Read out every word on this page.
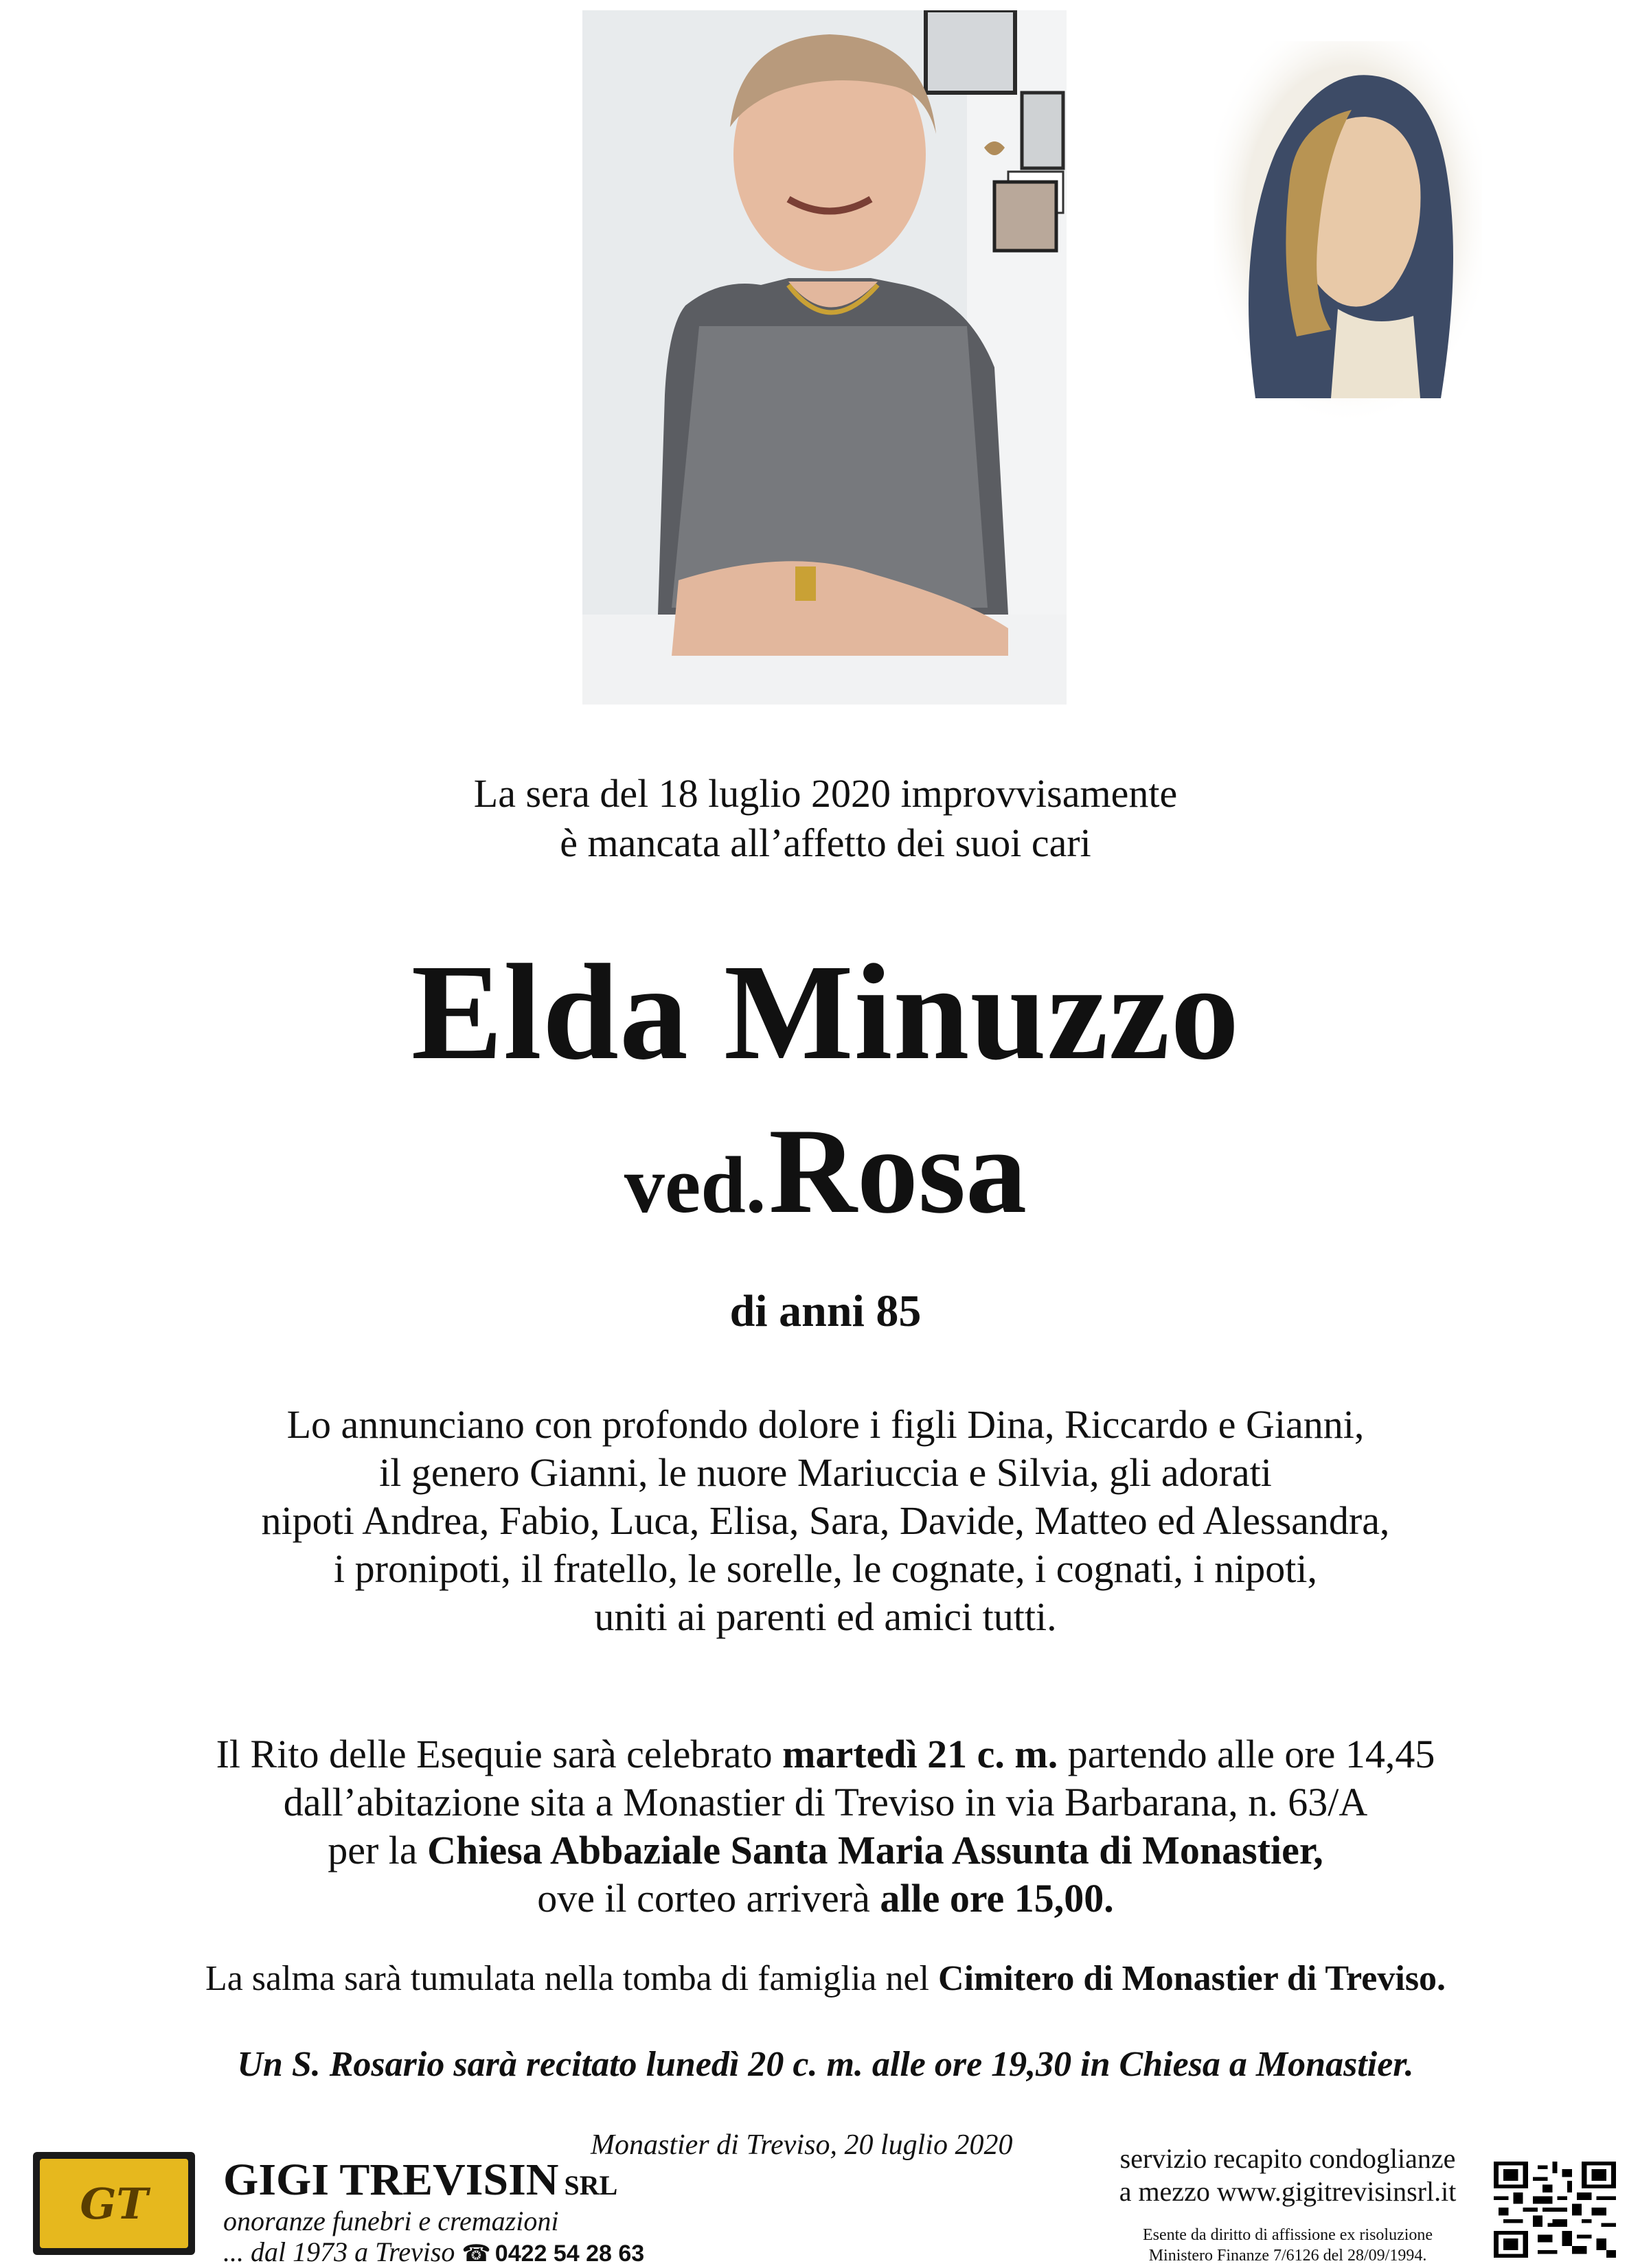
La sera del 18 luglio 2020 improvvisamente
è mancata all’affetto dei suoi cari
Elda Minuzzo
ved. Rosa
di anni 85
Lo annunciano con profondo dolore i figli Dina, Riccardo e Gianni,
il genero Gianni, le nuore Mariuccia e Silvia, gli adorati
nipoti Andrea, Fabio, Luca, Elisa, Sara, Davide, Matteo ed Alessandra,
i pronipoti, il fratello, le sorelle, le cognate, i cognati, i nipoti,
uniti ai parenti ed amici tutti.
Il Rito delle Esequie sarà celebrato martedì 21 c. m. partendo alle ore 14,45
dall’abitazione sita a Monastier di Treviso in via Barbarana, n. 63/A
per la Chiesa Abbaziale Santa Maria Assunta di Monastier,
ove il corteo arriverà alle ore 15,00.
La salma sarà tumulata nella tomba di famiglia nel Cimitero di Monastier di Treviso.
Un S. Rosario sarà recitato lunedì 20 c. m. alle ore 19,30 in Chiesa a Monastier.
Monastier di Treviso, 20 luglio 2020
GT	GIGI TREVISIN SRL
onoranze funebri e cremazioni
... dal 1973 a Treviso ☎ 0422 54 28 63
servizio recapito condoglianze
a mezzo www.gigitrevisinsrl.it
Esente da diritto di affissione ex risoluzione
Ministero Finanze 7/6126 del 28/09/1994.
